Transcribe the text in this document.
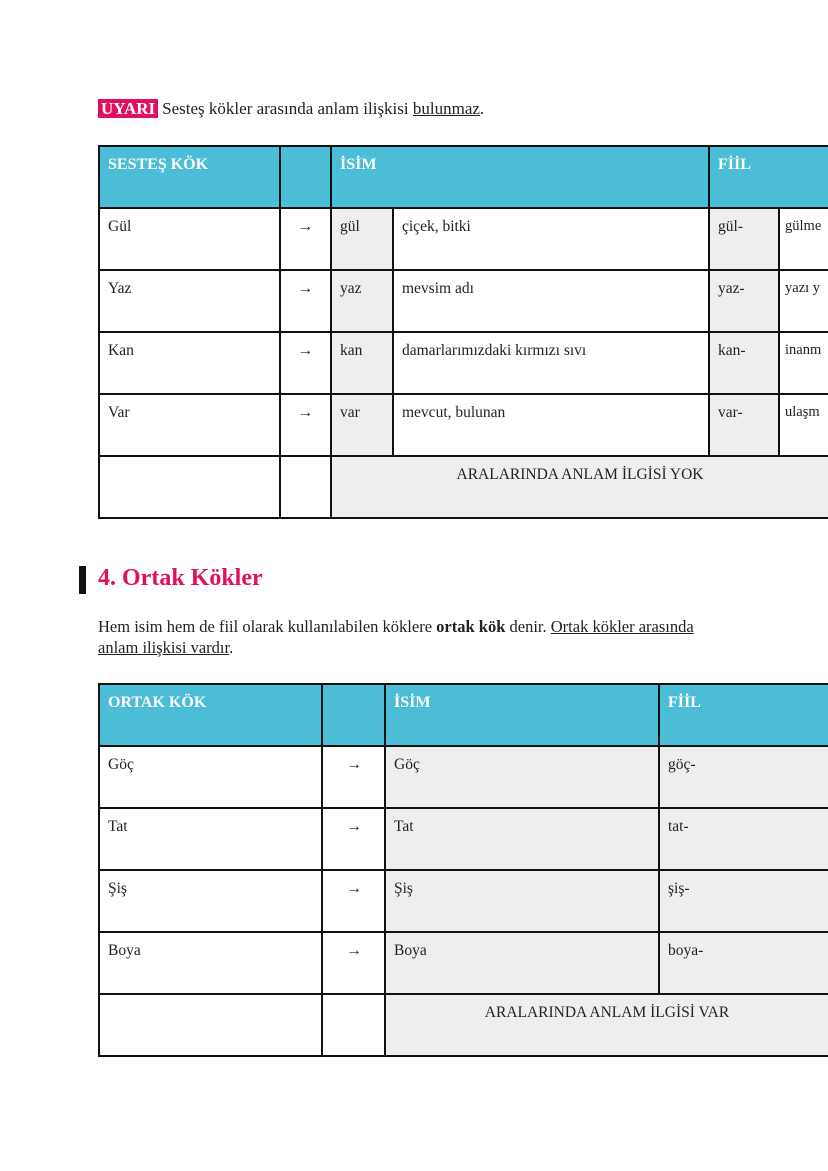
UYARI Sesteş kökler arasında anlam ilişkisi bulunmaz.
SESTEŞ KÖK		İSİM		FİİL	
Gül	→	gül	çiçek, bitki	gül-	gülme
Yaz	→	yaz	mevsim adı	yaz-	yazı y
Kan	→	kan	damarlarımızdaki kırmızı sıvı	kan-	inanm
Var	→	var	mevcut, bulunan	var-	ulaşm
		ARALARINDA ANLAM İLGİSİ YOK			
4. Ortak Kökler
Hem isim hem de fiil olarak kullanılabilen köklere ortak kök denir. Ortak kökler arasında anlam ilişkisi vardır.
ORTAK KÖK		İSİM	FİİL
Göç	→	Göç	göç-
Tat	→	Tat	tat-
Şiş	→	Şiş	şiş-
Boya	→	Boya	boya-
		ARALARINDA ANLAM İLGİSİ VAR	
